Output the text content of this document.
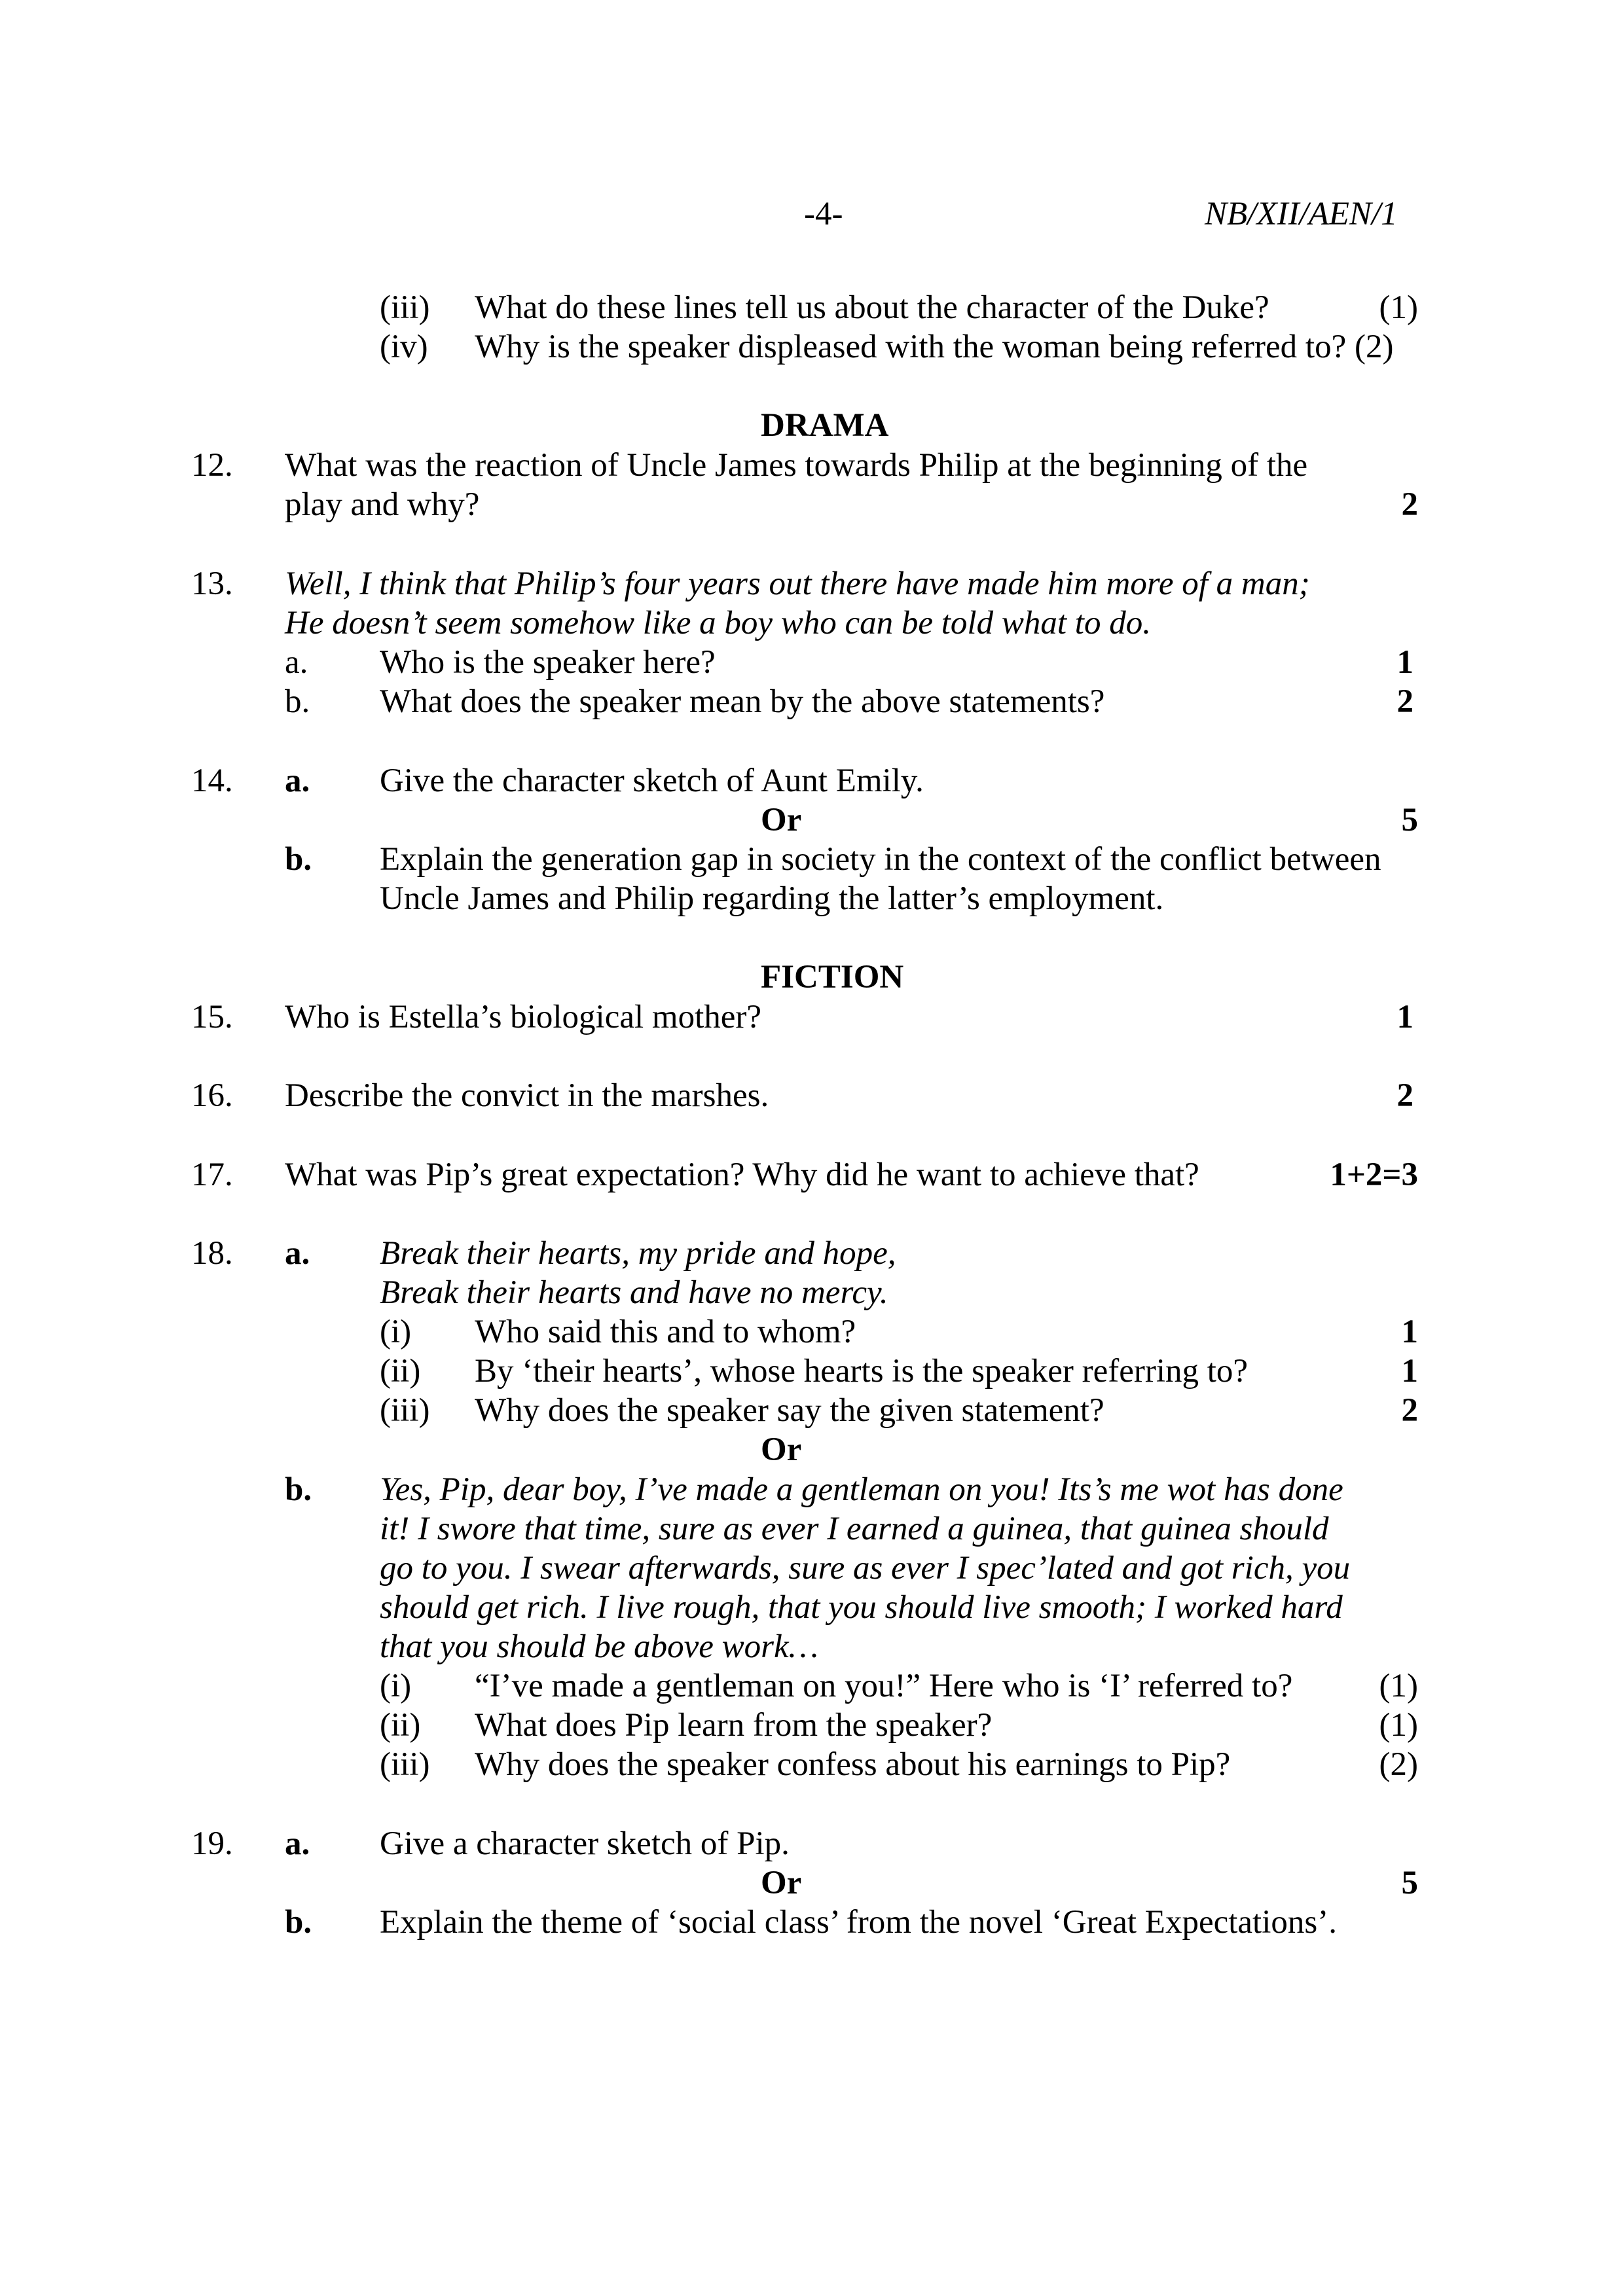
-4-	NB/XII/AEN/1
(iii) What do these lines tell us about the character of the Duke?	(1)
(iv) Why is the speaker displeased with the woman being referred to? (2)
DRAMA
12. What was the reaction of Uncle James towards Philip at the beginning of the
play and why?	2
13. Well, I think that Philip’s four years out there have made him more of a man;
He doesn’t seem somehow like a boy who can be told what to do.
a. Who is the speaker here?	1
b. What does the speaker mean by the above statements?	2
14. a. Give the character sketch of Aunt Emily.
Or	5
b. Explain the generation gap in society in the context of the conflict between
Uncle James and Philip regarding the latter’s employment.
FICTION
15. Who is Estella’s biological mother?	1
16. Describe the convict in the marshes.	2
17. What was Pip’s great expectation? Why did he want to achieve that?	1+2=3
18. a. Break their hearts, my pride and hope,
Break their hearts and have no mercy.
(i) Who said this and to whom?	1
(ii) By ‘their hearts’, whose hearts is the speaker referring to?	1
(iii) Why does the speaker say the given statement?	2
Or
b. Yes, Pip, dear boy, I’ve made a gentleman on you! Its’s me wot has done
it! I swore that time, sure as ever I earned a guinea, that guinea should
go to you. I swear afterwards, sure as ever I spec’lated and got rich, you
should get rich. I live rough, that you should live smooth; I worked hard
that you should be above work…
(i) “I’ve made a gentleman on you!” Here who is ‘I’ referred to?	(1)
(ii) What does Pip learn from the speaker?	(1)
(iii) Why does the speaker confess about his earnings to Pip?	(2)
19. a. Give a character sketch of Pip.
Or	5
b. Explain the theme of ‘social class’ from the novel ‘Great Expectations’.
